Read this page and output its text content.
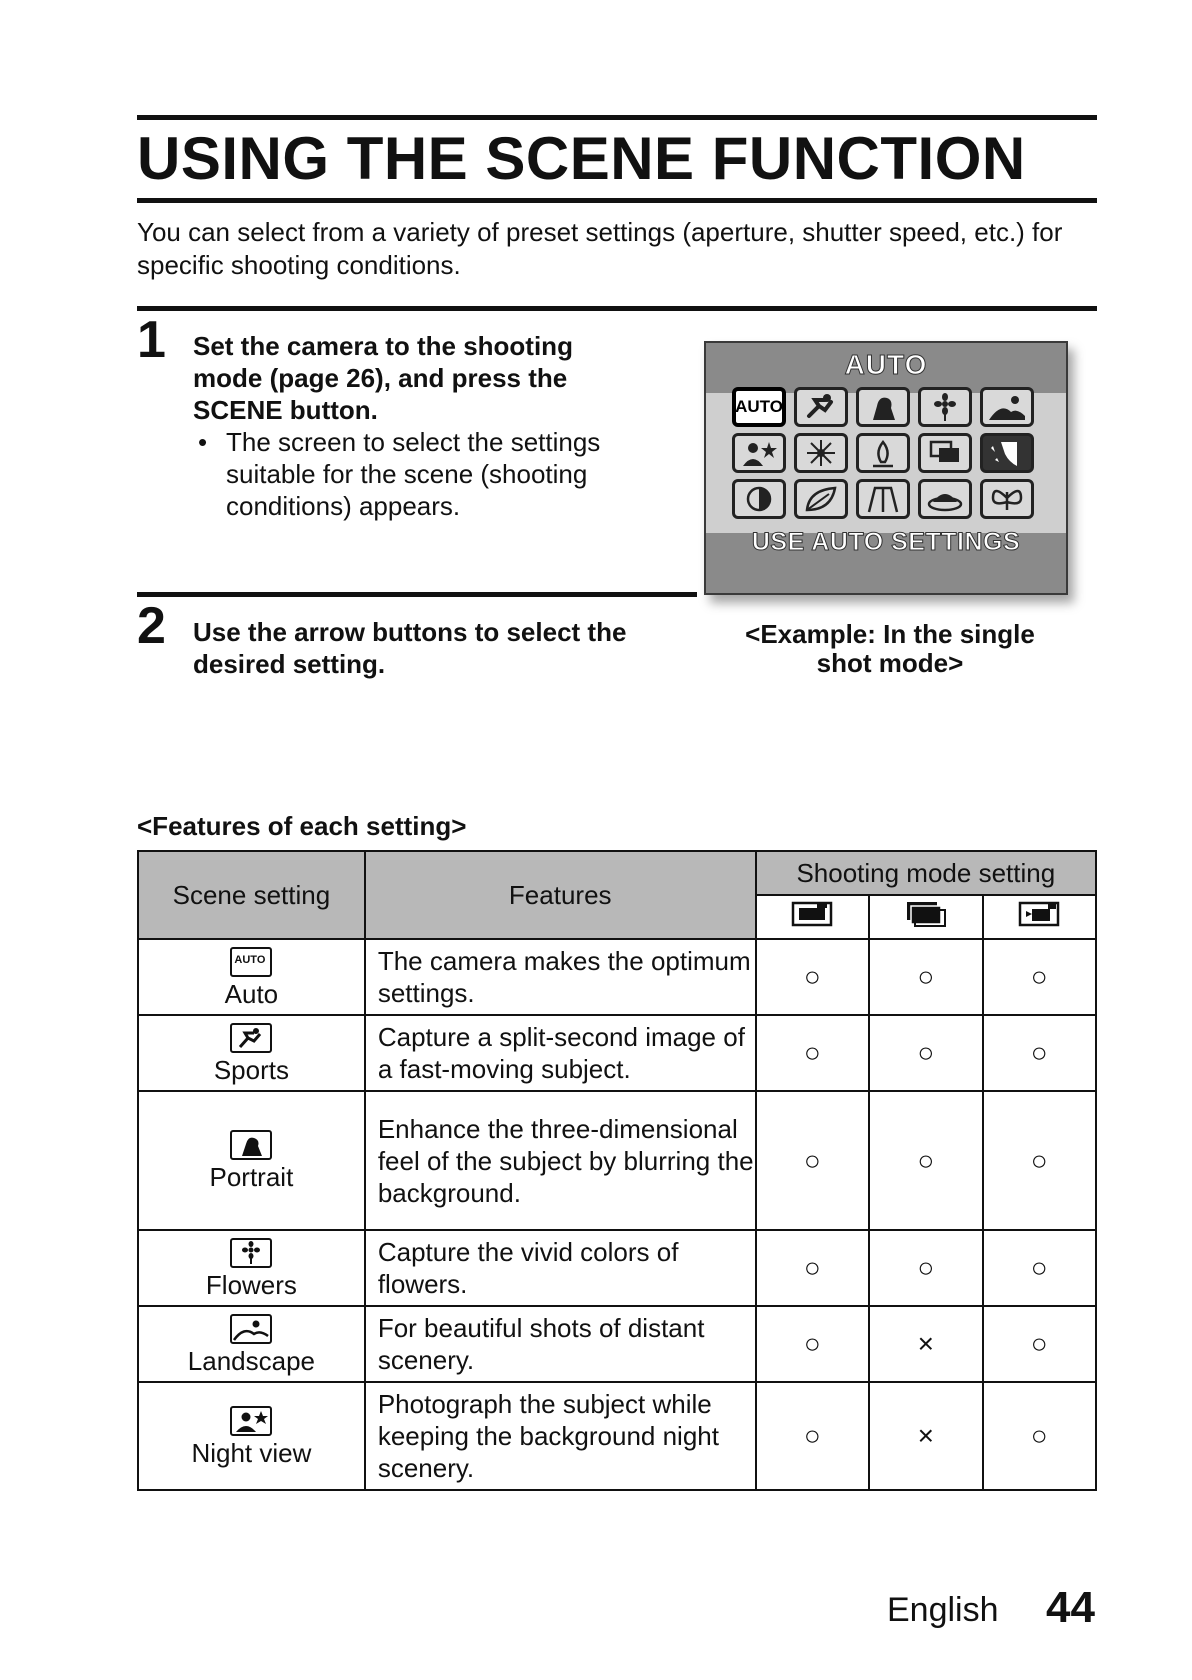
USING THE SCENE FUNCTION
You can select from a variety of preset settings (aperture, shutter speed, etc.) for specific shooting conditions.
1 Set the camera to the shooting mode (page 26), and press the SCENE button.
• The screen to select the settings suitable for the scene (shooting conditions) appears.
AUTO
AUTO
USE AUTO SETTINGS
2 Use the arrow buttons to select the desired setting.
<Example: In the single shot mode>
<Features of each setting>
Scene setting	Features	Shooting mode setting		

AUTO
Auto	The camera makes the optimum settings.	○	○	○

Sports	Capture a split-second image of a fast-moving subject.	○	○	○

Portrait	Enhance the three-dimensional feel of the subject by blurring the background.	○	○	○

Flowers	Capture the vivid colors of flowers.	○	○	○

Landscape	For beautiful shots of distant scenery.	○	×	○

Night view	Photograph the subject while keeping the background night scenery.	○	×	○
English 44
